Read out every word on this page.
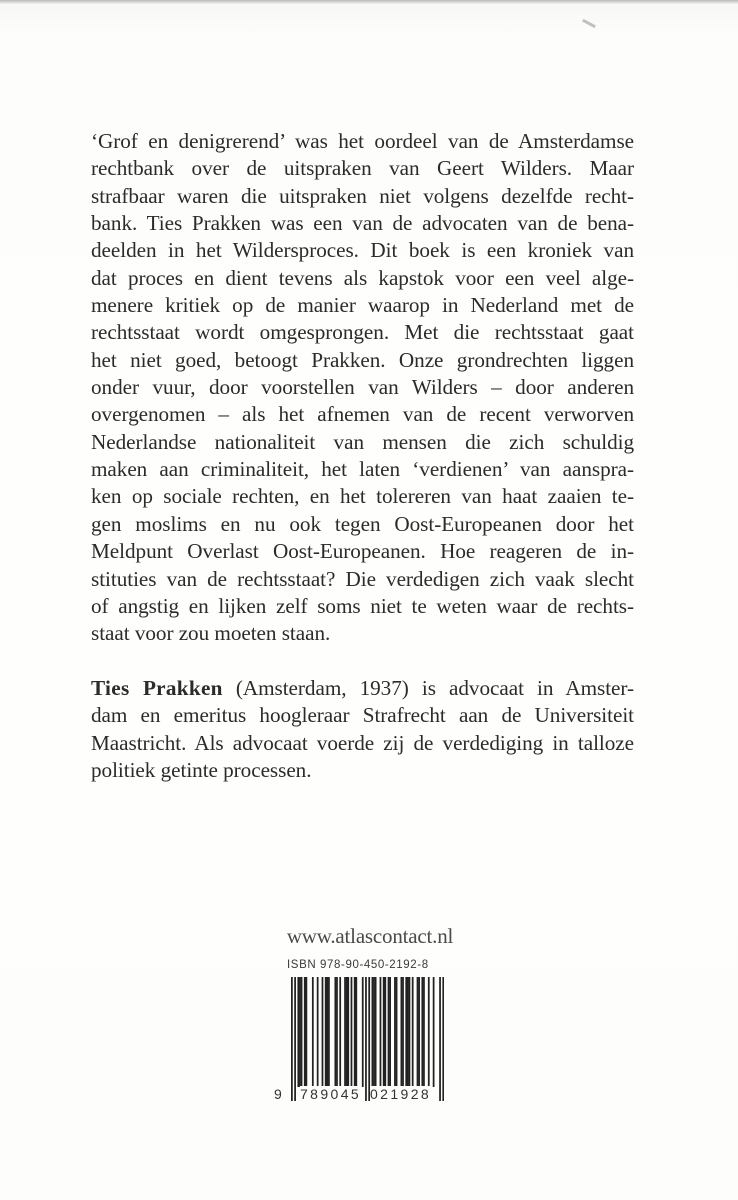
‘Grof en denigrerend’ was het oordeel van de Amsterdamse
rechtbank over de uitspraken van Geert Wilders. Maar
strafbaar waren die uitspraken niet volgens dezelfde recht-
bank. Ties Prakken was een van de advocaten van de bena-
deelden in het Wildersproces. Dit boek is een kroniek van
dat proces en dient tevens als kapstok voor een veel alge-
menere kritiek op de manier waarop in Nederland met de
rechtsstaat wordt omgesprongen. Met die rechtsstaat gaat
het niet goed, betoogt Prakken. Onze grondrechten liggen
onder vuur, door voorstellen van Wilders – door anderen
overgenomen – als het afnemen van de recent verworven
Nederlandse nationaliteit van mensen die zich schuldig
maken aan criminaliteit, het laten ‘verdienen’ van aanspra-
ken op sociale rechten, en het tolereren van haat zaaien te-
gen moslims en nu ook tegen Oost-Europeanen door het
Meldpunt Overlast Oost-Europeanen. Hoe reageren de in-
stituties van de rechtsstaat? Die verdedigen zich vaak slecht
of angstig en lijken zelf soms niet te weten waar de rechts-
staat voor zou moeten staan.
Ties Prakken (Amsterdam, 1937) is advocaat in Amster-
dam en emeritus hoogleraar Strafrecht aan de Universiteit
Maastricht. Als advocaat voerde zij de verdediging in talloze
politiek getinte processen.
www.atlascontact.nl
ISBN 978-90-450-2192-8
9 789045 021928
